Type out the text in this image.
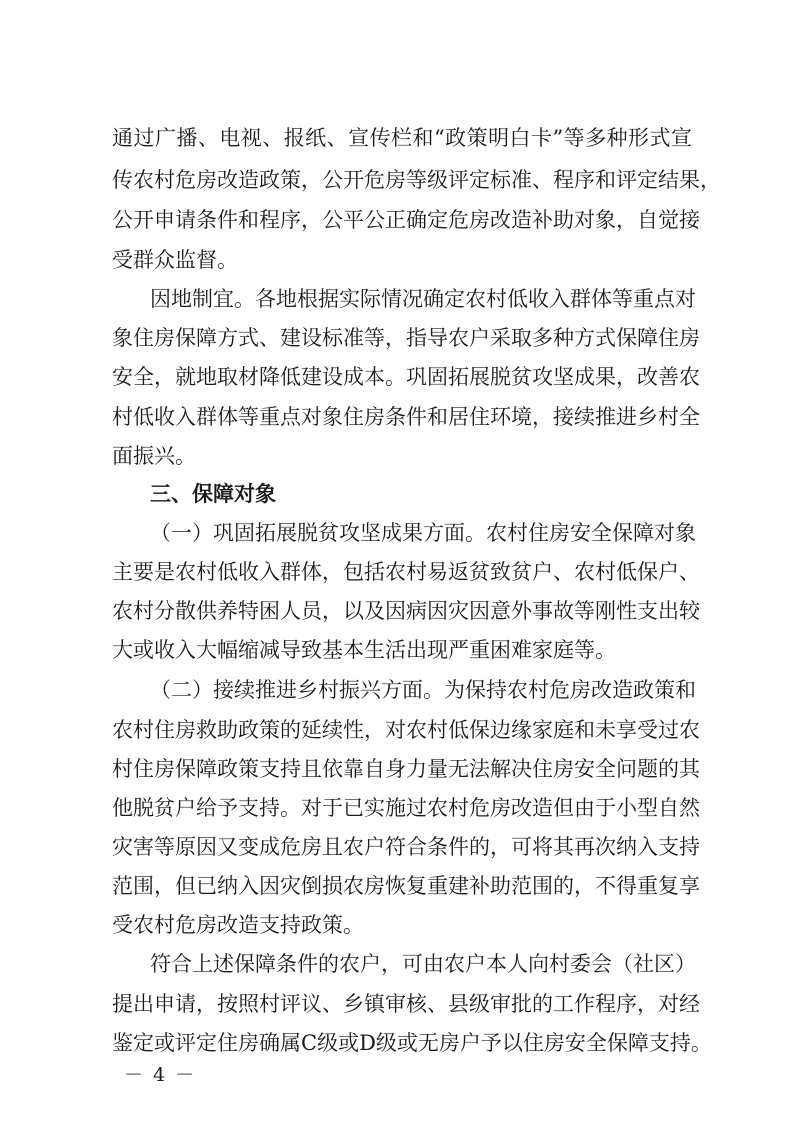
通过广播、电视、报纸、宣传栏和“政策明白卡”等多种形式宣
传农村危房改造政策，公开危房等级评定标准、程序和评定结果，
公开申请条件和程序，公平公正确定危房改造补助对象，自觉接
受群众监督。
因地制宜。各地根据实际情况确定农村低收入群体等重点对
象住房保障方式、建设标准等，指导农户采取多种方式保障住房
安全，就地取材降低建设成本。巩固拓展脱贫攻坚成果，改善农
村低收入群体等重点对象住房条件和居住环境，接续推进乡村全
面振兴。
三、保障对象
（一）巩固拓展脱贫攻坚成果方面。农村住房安全保障对象
主要是农村低收入群体，包括农村易返贫致贫户、农村低保户、
农村分散供养特困人员，以及因病因灾因意外事故等刚性支出较
大或收入大幅缩减导致基本生活出现严重困难家庭等。
（二）接续推进乡村振兴方面。为保持农村危房改造政策和
农村住房救助政策的延续性，对农村低保边缘家庭和未享受过农
村住房保障政策支持且依靠自身力量无法解决住房安全问题的其
他脱贫户给予支持。对于已实施过农村危房改造但由于小型自然
灾害等原因又变成危房且农户符合条件的，可将其再次纳入支持
范围，但已纳入因灾倒损农房恢复重建补助范围的，不得重复享
受农村危房改造支持政策。
符合上述保障条件的农户，可由农户本人向村委会（社区）
提出申请，按照村评议、乡镇审核、县级审批的工作程序，对经
鉴定或评定住房确属C级或D级或无房户予以住房安全保障支持。
－ 4 －
